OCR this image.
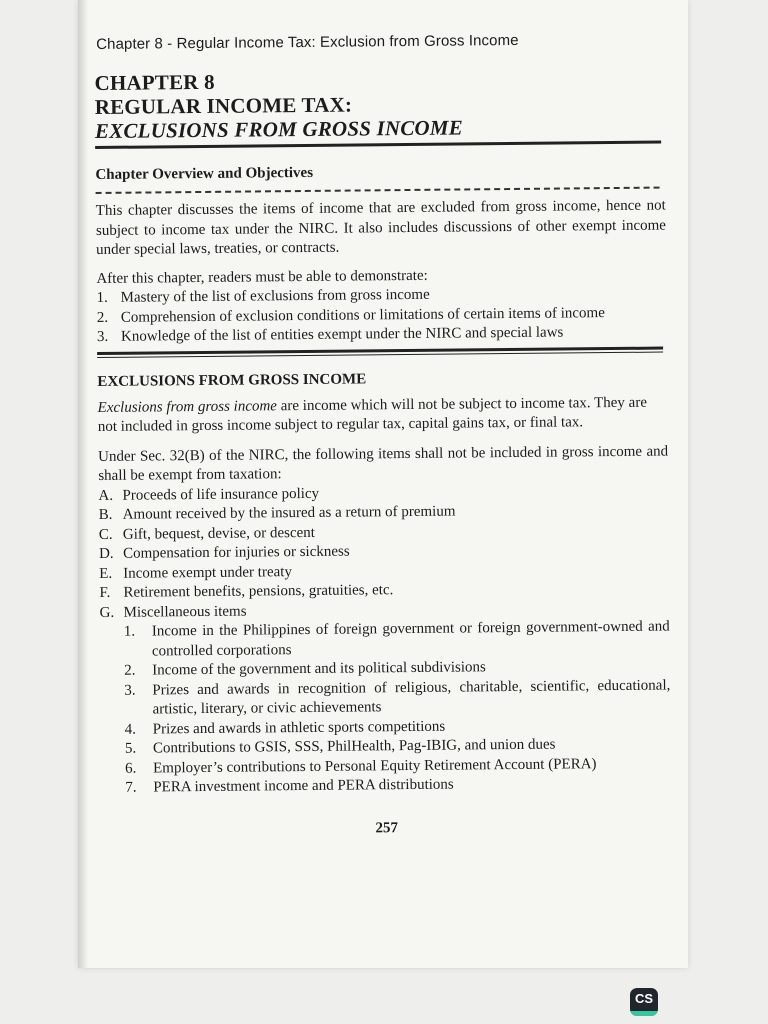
Chapter 8 - Regular Income Tax: Exclusion from Gross Income
CHAPTER 8
REGULAR INCOME TAX:
EXCLUSIONS FROM GROSS INCOME
Chapter Overview and Objectives

This chapter discusses the items of income that are excluded from gross income, hence not subject to income tax under the NIRC. It also includes discussions of other exempt income under special laws, treaties, or contracts.

After this chapter, readers must be able to demonstrate:

1. Mastery of the list of exclusions from gross income
2. Comprehension of exclusion conditions or limitations of certain items of income
3. Knowledge of the list of entities exempt under the NIRC and special laws
EXCLUSIONS FROM GROSS INCOME

Exclusions from gross income are income which will not be subject to income tax. They are not included in gross income subject to regular tax, capital gains tax, or final tax.

Under Sec. 32(B) of the NIRC, the following items shall not be included in gross income and shall be exempt from taxation:

A. Proceeds of life insurance policy
B. Amount received by the insured as a return of premium
C. Gift, bequest, devise, or descent
D. Compensation for injuries or sickness
E. Income exempt under treaty
F. Retirement benefits, pensions, gratuities, etc.
G. Miscellaneous items
1.	Income in the Philippines of foreign government or foreign government-owned and controlled corporations
2.	Income of the government and its political subdivisions
3.	Prizes and awards in recognition of religious, charitable, scientific, educational, artistic, literary, or civic achievements
4.	Prizes and awards in athletic sports competitions
5.	Contributions to GSIS, SSS, PhilHealth, Pag-IBIG, and union dues
6.	Employer’s contributions to Personal Equity Retirement Account (PERA)
7.	PERA investment income and PERA distributions
257
CS
